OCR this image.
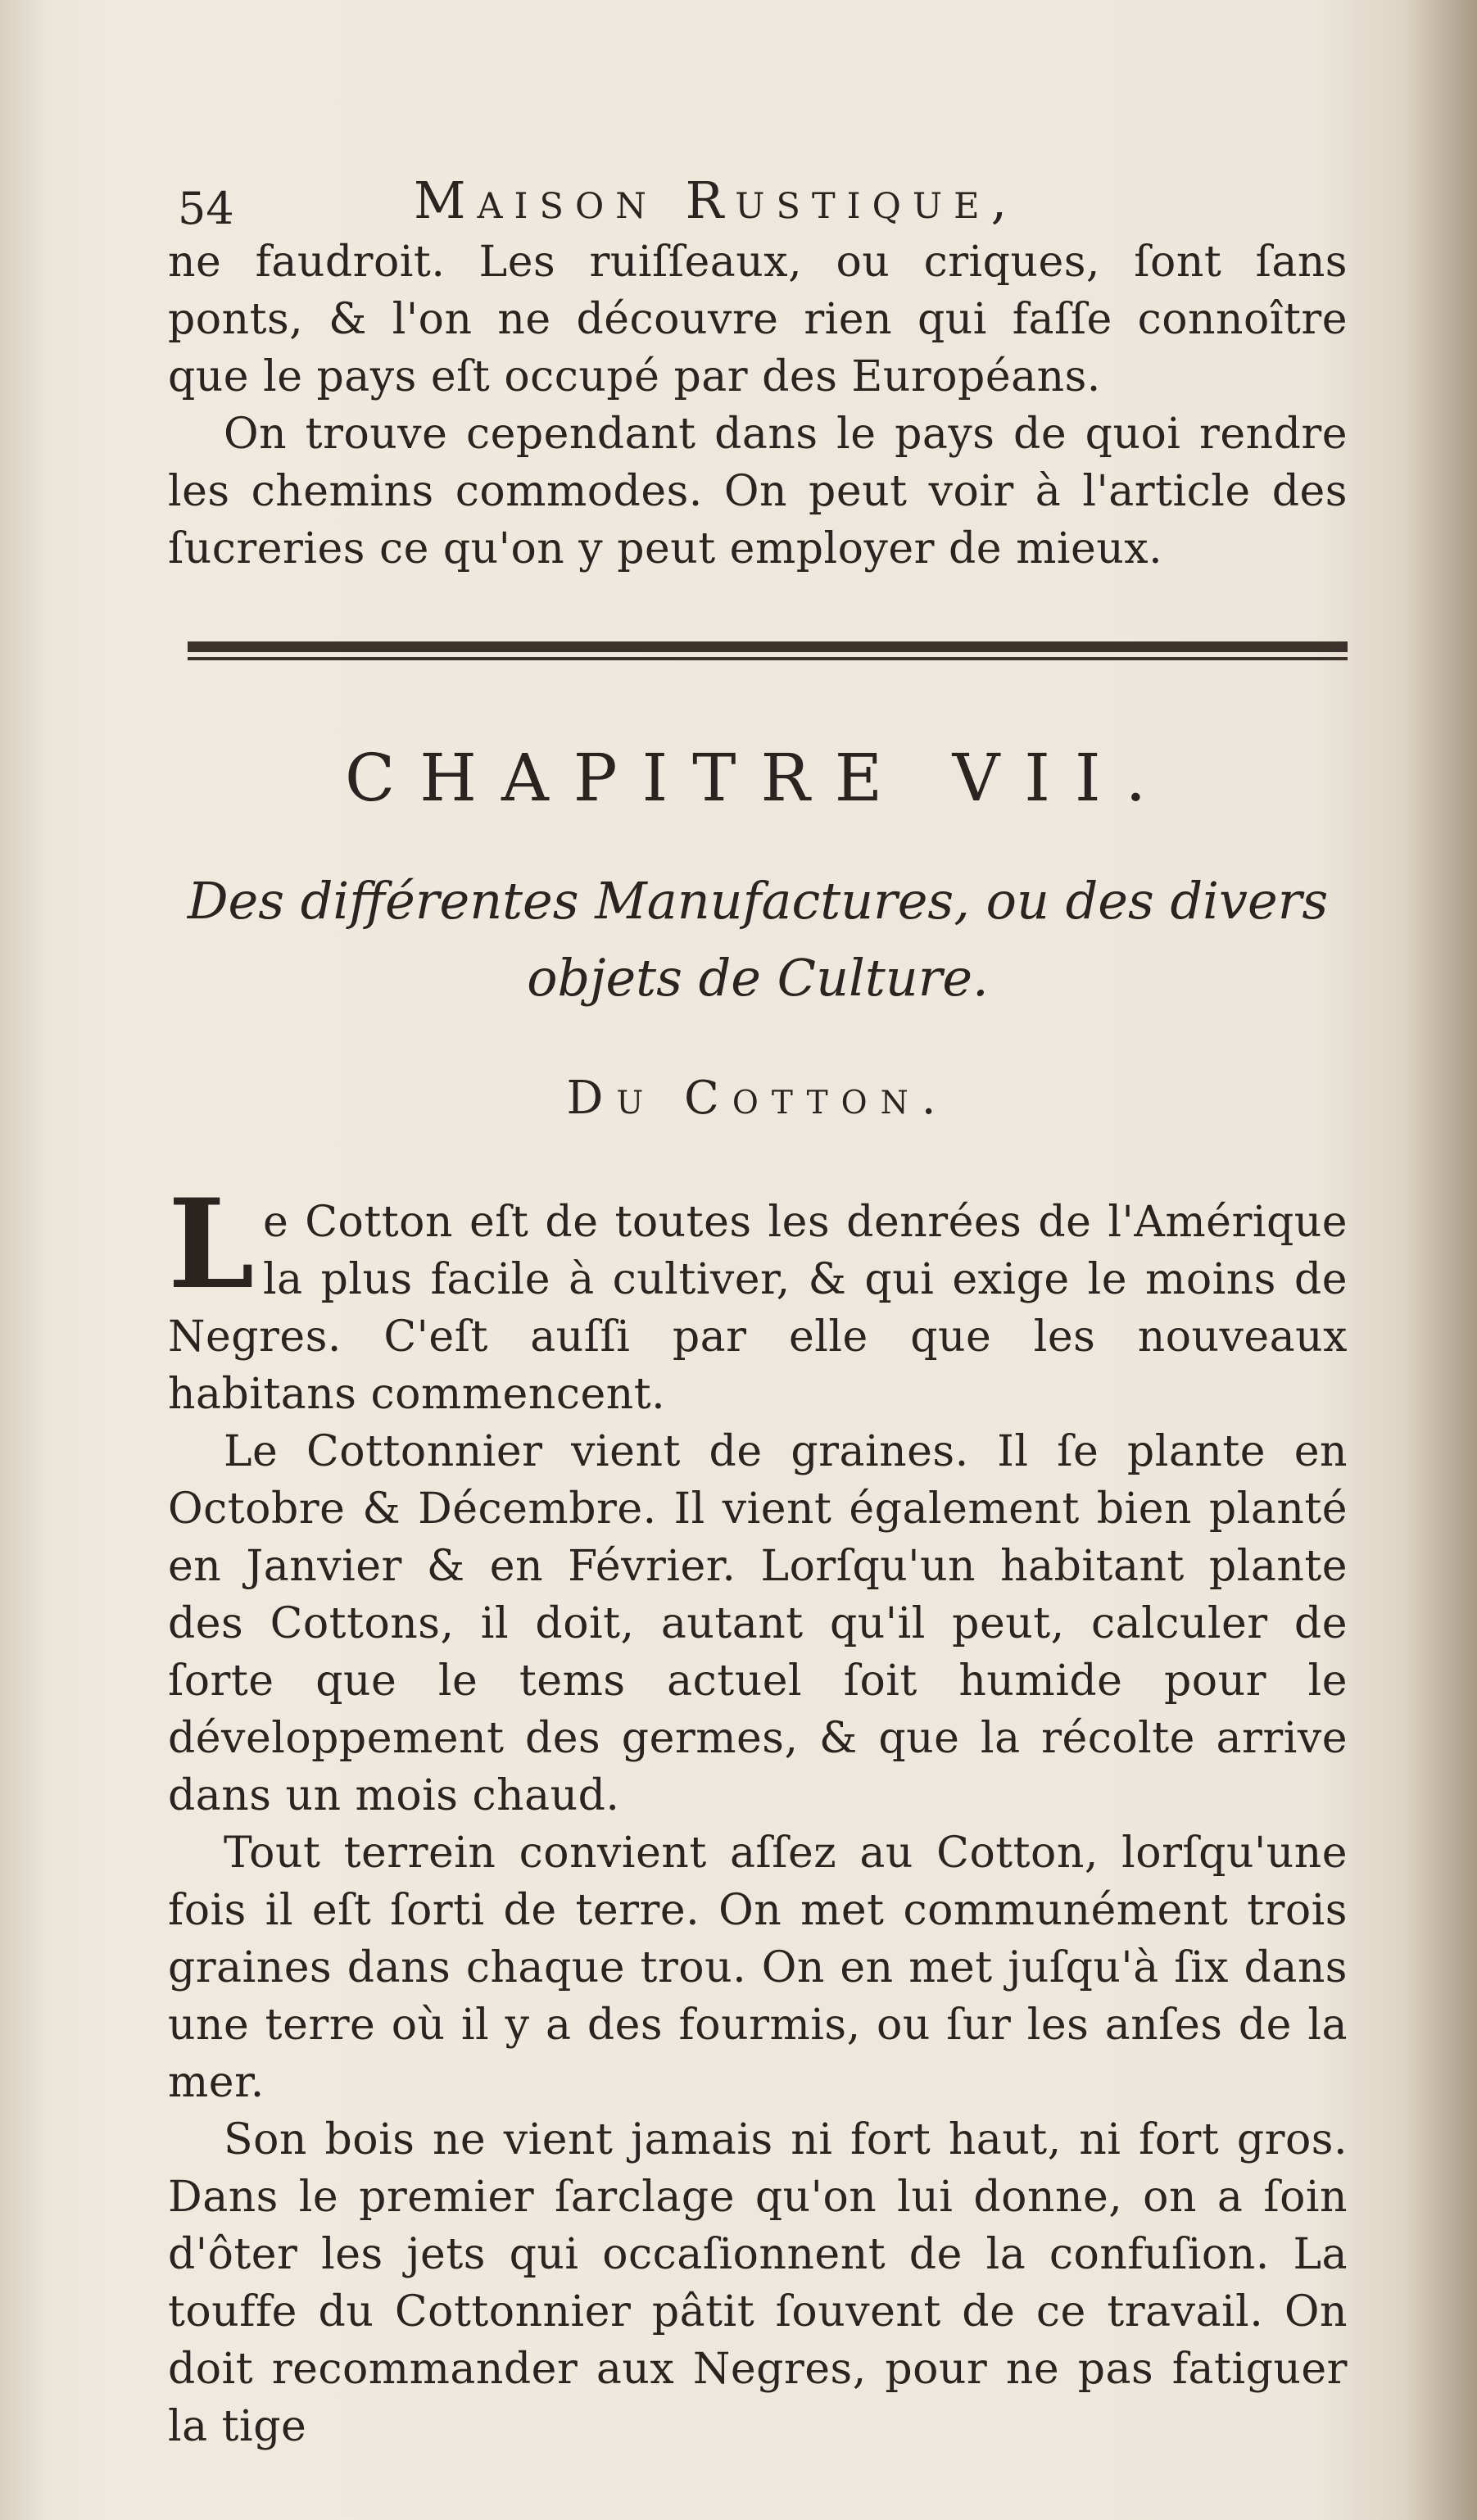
54	Maison Rustique,

ne faudroit. Les ruiſſeaux, ou criques, ſont ſans ponts, & l'on ne découvre rien qui faſſe connoître que le pays eſt occupé par des Européans.

On trouve cependant dans le pays de quoi rendre les chemins commodes. On peut voir à l'article des ſucreries ce qu'on y peut employer de mieux.

CHAPITRE VII.
Des différentes Manufactures, ou des divers objets de Culture.
Du Cotton.

Le Cotton eſt de toutes les denrées de l'Amérique la plus facile à cultiver, & qui exige le moins de Negres. C'eſt auſſi par elle que les nouveaux habitans commencent.

Le Cottonnier vient de graines. Il ſe plante en Octobre & Décembre. Il vient également bien planté en Janvier & en Février. Lorſqu'un habitant plante des Cottons, il doit, autant qu'il peut, calculer de ſorte que le tems actuel ſoit humide pour le développement des germes, & que la récolte arrive dans un mois chaud.

Tout terrein convient aſſez au Cotton, lorſqu'une fois il eſt ſorti de terre. On met communément trois graines dans chaque trou. On en met juſqu'à ſix dans une terre où il y a des fourmis, ou ſur les anſes de la mer.

Son bois ne vient jamais ni fort haut, ni fort gros. Dans le premier ſarclage qu'on lui donne, on a ſoin d'ôter les jets qui occaſionnent de la confuſion. La touffe du Cottonnier pâtit ſouvent de ce travail. On doit recommander aux Negres, pour ne pas fatiguer la tige
